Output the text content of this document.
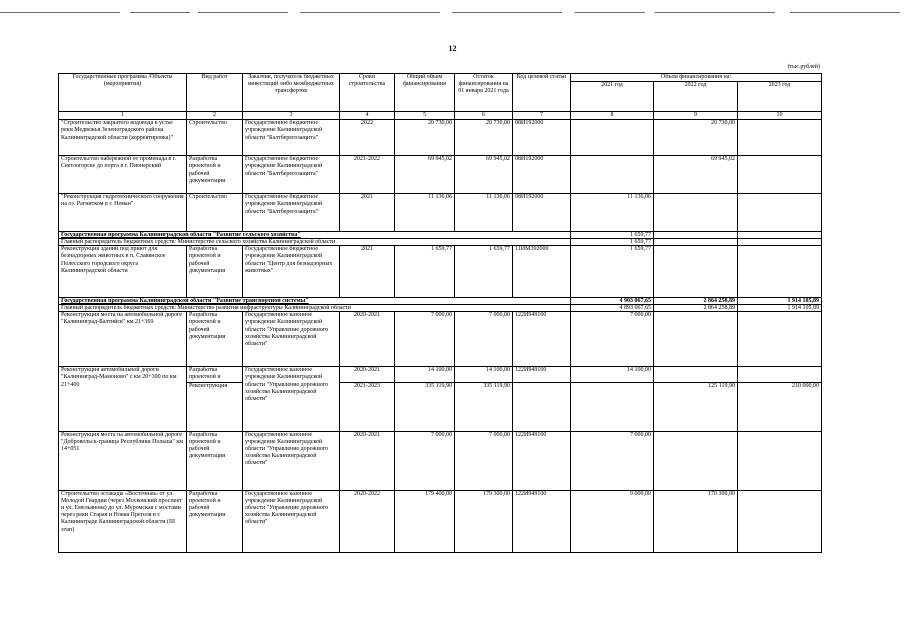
12
(тыс.рублей)
Государственные программы /Объекты (мероприятия)	Вид работ	Заказчик, получатель бюджетных инвестиций либо межбюджетных трансфертов	Сроки строительства	Общий объем финансирования	Остаток финансирования на 01 января 2021 года	Код целевой статьи	Объем финансирования на:		
							2021 год	2022 год	2023 год
1	2	3	4	5	6	7	8	9	10
"Строительство закрытого водовода в устье реки Медвежья Зеленоградского района Калининградской области (корректировка)"	Строительство	Государственное бюджетное учреждение Калининградской области "Балтберегозащита"	2022	20 730,00	20 730,00	08И192000		20 730,00	
Строительство набережной от променада в г. Светлогорске до порта в г. Пионерский	Разработка проектной и рабочей документации	Государственное бюджетное учреждение Калининградской области "Балтберегозащита"	2021-2022	69 945,02	69 945,02	08И192000		69 945,02	
"Реконструкция гидротехнического сооружения на оз. Рагнитком в г. Неман"	Строительство	Государственное бюджетное учреждение Калининградской области "Балтберегозащита"	2021	11 136,06	11 136,06	08И192000	11 136,06		
Государственная программа Калининградской области "Развитие сельского хозяйства"							1 659,77		
Главный распорядитель бюджетных средств: Министерство сельского хозяйства Калининградской области							1 659,77		
Реконструкция зданий под приют для безнадзорных животных в п. Славянское Полесского городского округа Калининградской области	Разработка проектной и рабочей документации	Государственное бюджетное учреждение Калининградской области "Центр для безнадзорных животных"	2021	1 659,77	1 659,77	11ИМ392000	1 659,77		
Государственная программа Калининградской области "Развитие транспортной системы"							4 903 067,65	2 864 258,89	1 914 105,89
Главный распорядитель бюджетных средств: Министерство развития инфраструктуры Калининградской области							4 893 067,65	2 864 258,89	1 914 105,89
Реконструкция моста на автомобильной дороге "Калининград-Балтийск" км 21+369	Разработка проектной и рабочей документации	Государственное казенное учреждение Калининградской области "Управление дорожного хозяйства Калининградской области"	2020-2021	7 000,00	7 000,00	122И949100	7 000,00		
Реконструкция автомобильной дороги "Калининград-Мамоново" с км 20+300 по км 21+400	Разработка проектной и	Государственное казенное учреждение Калининградской области "Управление дорожного хозяйства Калининградской области"	2020-2021	14 100,00	14 100,00	122И949100	14 100,00		
	Реконструкция		2021-2023	335 119,90	335 119,90			125 119,90	210 000,00
Реконструкция моста на автомобильной дороге "Добровольск-граница Республики Польша" км 14+051	Разработка проектной и рабочей документации	Государственное казенное учреждение Калининградской области "Управление дорожного хозяйства Калининградской области"	2020-2021	7 000,00	7 000,00	122И949100	7 000,00		
Строительство эстакады «Восточная» от ул. Молодой Гвардии (через Московский проспект и ул. Емельянова) до ул. Муромская с мостами через реки Старая и Новая Преголя в г. Калининграде Калининградской области (III этап)	Разработка проектной и рабочей документации	Государственное казенное учреждение Калининградской области "Управление дорожного хозяйства Калининградской области"	2020-2022	179 400,00	179 300,00	122И949100	9 000,00	170 300,00	
